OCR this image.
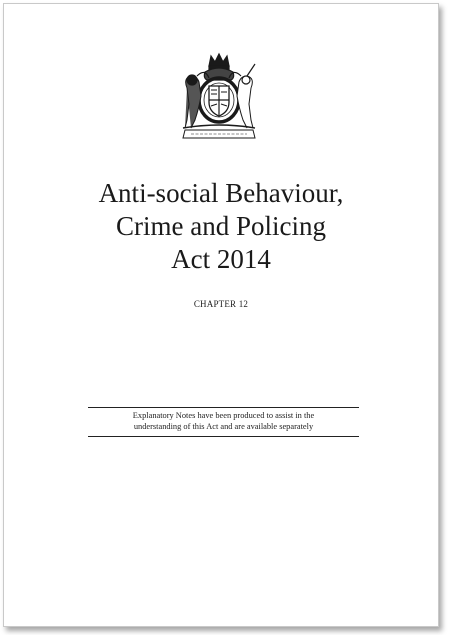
Anti-social Behaviour,
Crime and Policing
Act 2014
CHAPTER 12
Explanatory Notes have been produced to assist in the
understanding of this Act and are available separately
